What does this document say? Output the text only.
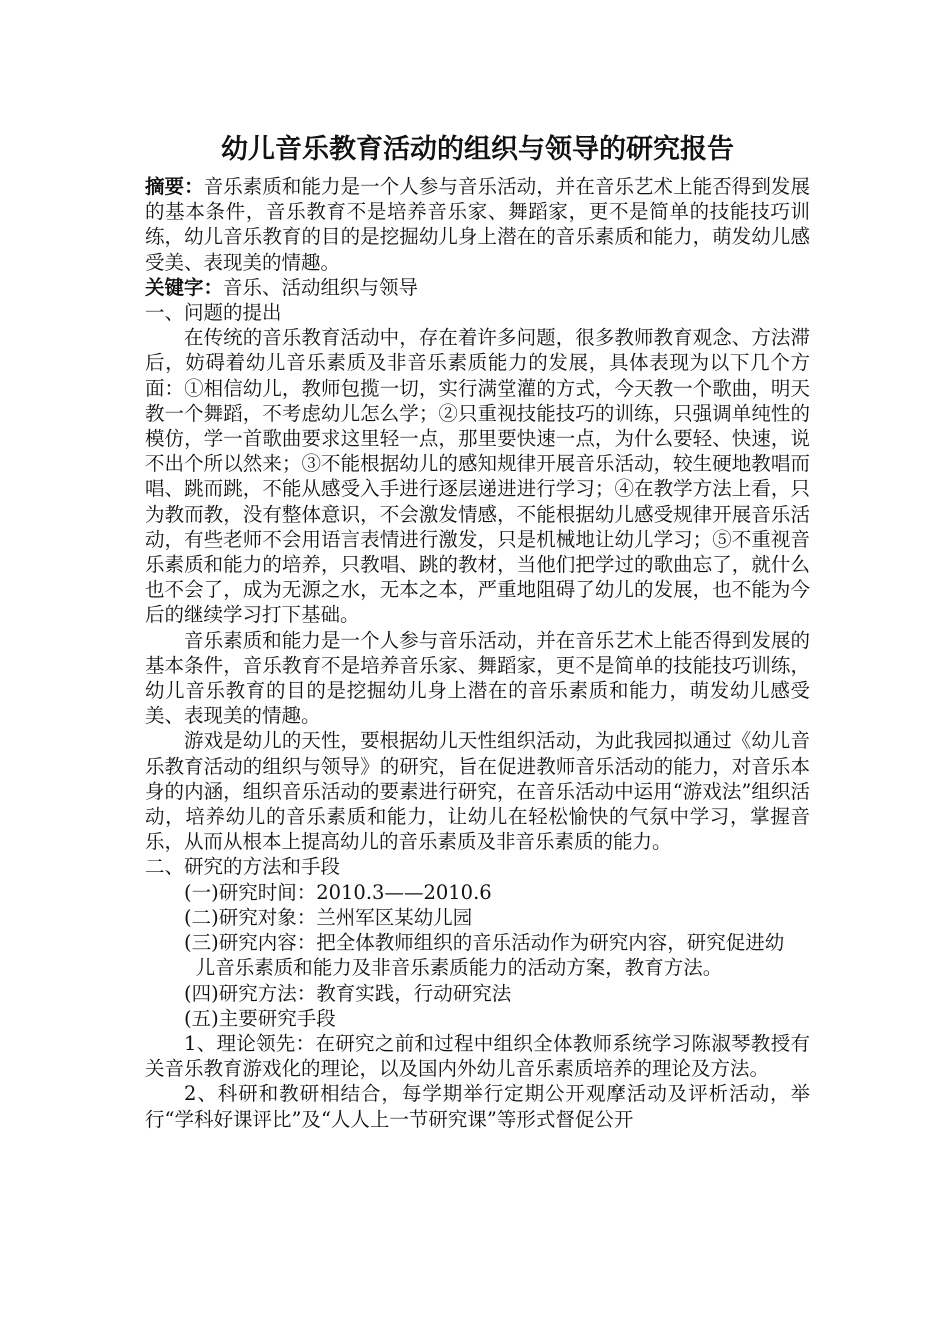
幼儿音乐教育活动的组织与领导的研究报告

摘要：音乐素质和能力是一个人参与音乐活动，并在音乐艺术上能否得到发展的基本条件，音乐教育不是培养音乐家、舞蹈家，更不是简单的技能技巧训练，幼儿音乐教育的目的是挖掘幼儿身上潜在的音乐素质和能力，萌发幼儿感受美、表现美的情趣。

关键字：音乐、活动组织与领导

一、问题的提出

在传统的音乐教育活动中，存在着许多问题，很多教师教育观念、方法滞后，妨碍着幼儿音乐素质及非音乐素质能力的发展，具体表现为以下几个方面：①相信幼儿，教师包揽一切，实行满堂灌的方式，今天教一个歌曲，明天教一个舞蹈，不考虑幼儿怎么学；②只重视技能技巧的训练，只强调单纯性的模仿，学一首歌曲要求这里轻一点，那里要快速一点，为什么要轻、快速，说不出个所以然来；③不能根据幼儿的感知规律开展音乐活动，较生硬地教唱而唱、跳而跳，不能从感受入手进行逐层递进进行学习；④在教学方法上看，只为教而教，没有整体意识，不会激发情感，不能根据幼儿感受规律开展音乐活动，有些老师不会用语言表情进行激发，只是机械地让幼儿学习；⑤不重视音乐素质和能力的培养，只教唱、跳的教材，当他们把学过的歌曲忘了，就什么也不会了，成为无源之水，无本之本，严重地阻碍了幼儿的发展，也不能为今后的继续学习打下基础。

音乐素质和能力是一个人参与音乐活动，并在音乐艺术上能否得到发展的基本条件，音乐教育不是培养音乐家、舞蹈家，更不是简单的技能技巧训练，幼儿音乐教育的目的是挖掘幼儿身上潜在的音乐素质和能力，萌发幼儿感受美、表现美的情趣。

游戏是幼儿的天性，要根据幼儿天性组织活动，为此我园拟通过《幼儿音乐教育活动的组织与领导》的研究，旨在促进教师音乐活动的能力，对音乐本身的内涵，组织音乐活动的要素进行研究，在音乐活动中运用“游戏法”组织活动，培养幼儿的音乐素质和能力，让幼儿在轻松愉快的气氛中学习，掌握音乐，从而从根本上提高幼儿的音乐素质及非音乐素质的能力。

二、研究的方法和手段

(一)研究时间：2010.3——2010.6

(二)研究对象：兰州军区某幼儿园

(三)研究内容：把全体教师组织的音乐活动作为研究内容，研究促进幼

儿音乐素质和能力及非音乐素质能力的活动方案，教育方法。

(四)研究方法：教育实践，行动研究法

(五)主要研究手段

1、理论领先：在研究之前和过程中组织全体教师系统学习陈淑琴教授有关音乐教育游戏化的理论，以及国内外幼儿音乐素质培养的理论及方法。

2、科研和教研相结合，每学期举行定期公开观摩活动及评析活动，举行“学科好课评比”及“人人上一节研究课”等形式督促公开
